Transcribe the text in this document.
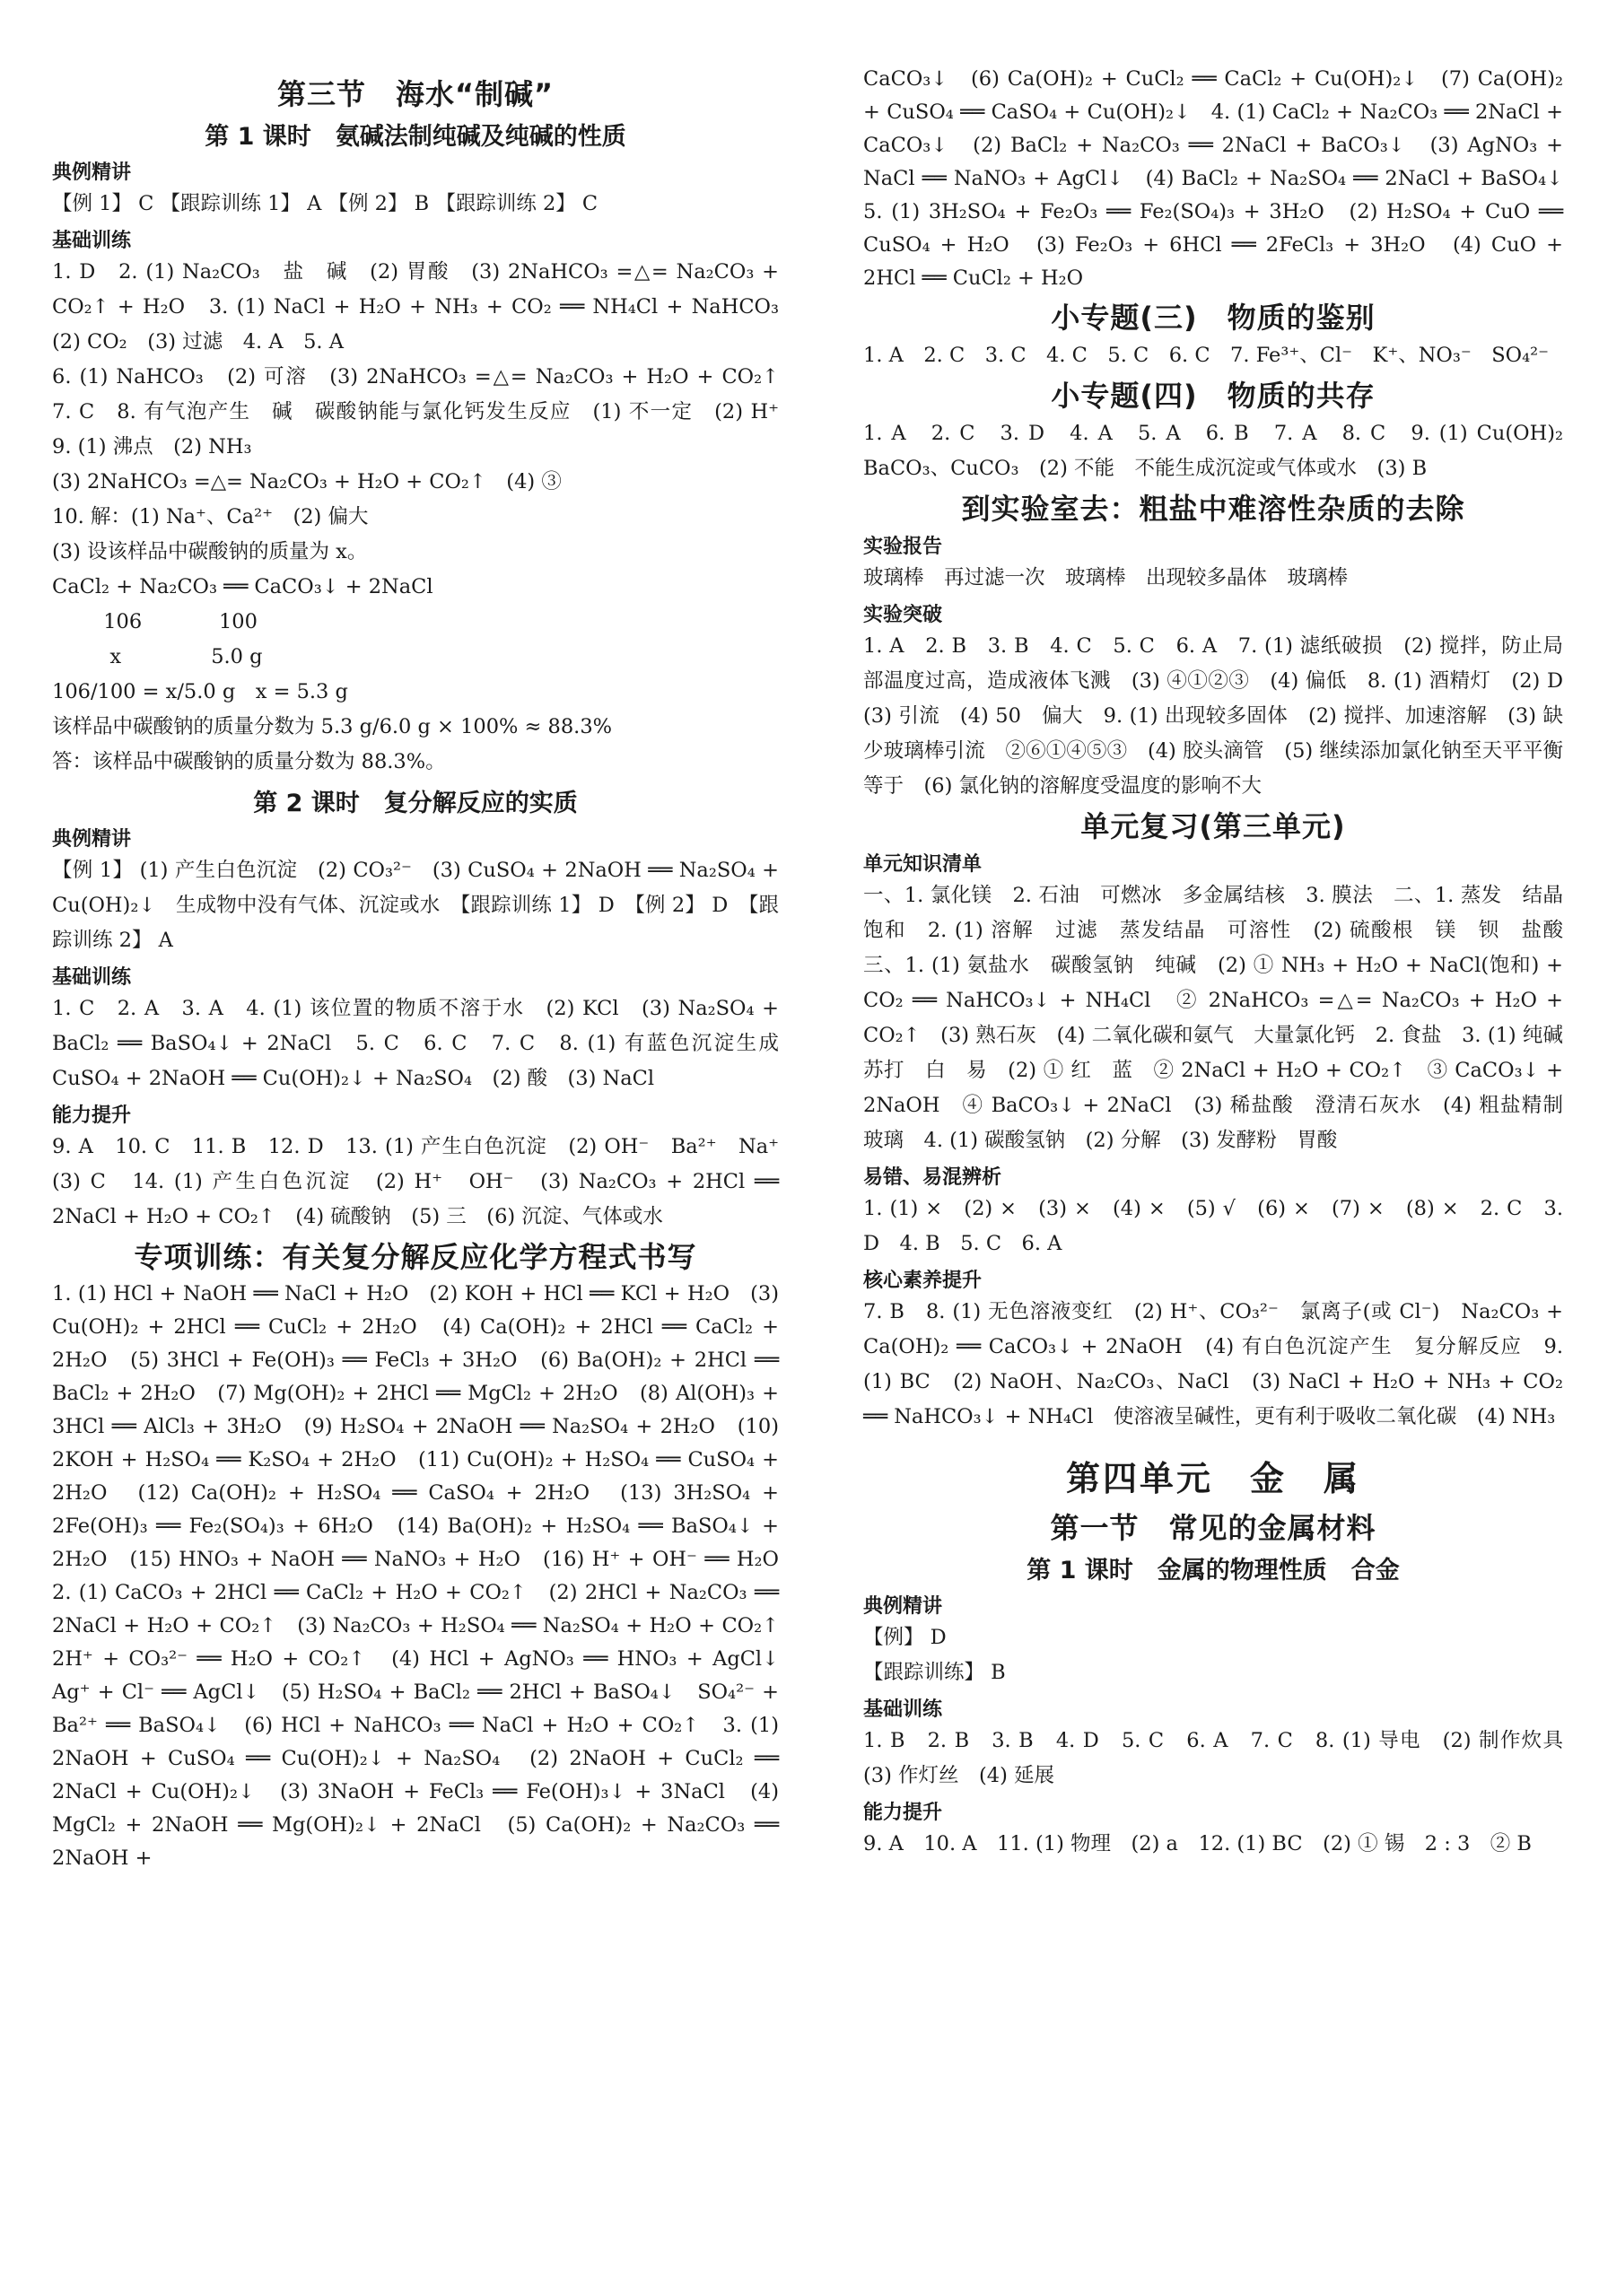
第三节　海水“制碱”
第 1 课时　氨碱法制纯碱及纯碱的性质
典例精讲

【例 1】 C 【跟踪训练 1】 A 【例 2】 B 【跟踪训练 2】 C

基础训练

1. D　2. (1) Na₂CO₃　盐　碱　(2) 胃酸　(3) 2NaHCO₃ =△= Na₂CO₃ + CO₂↑ + H₂O　3. (1) NaCl + H₂O + NH₃ + CO₂ ══ NH₄Cl + NaHCO₃　(2) CO₂　(3) 过滤　4. A　5. A

6. (1) NaHCO₃　(2) 可溶　(3) 2NaHCO₃ =△= Na₂CO₃ + H₂O + CO₂↑　7. C　8. 有气泡产生　碱　碳酸钠能与氯化钙发生反应　(1) 不一定　(2) H⁺　9. (1) 沸点　(2) NH₃

(3) 2NaHCO₃ =△= Na₂CO₃ + H₂O + CO₂↑　(4) ③

10. 解：(1) Na⁺、Ca²⁺　(2) 偏大

(3) 设该样品中碳酸钠的质量为 x。

CaCl₂ + Na₂CO₃ ══ CaCO₃↓ + 2NaCl

106            100

x              5.0 g

106/100 = x/5.0 g　x = 5.3 g

该样品中碳酸钠的质量分数为 5.3 g/6.0 g × 100% ≈ 88.3%

答：该样品中碳酸钠的质量分数为 88.3%。

第 2 课时　复分解反应的实质
典例精讲

【例 1】 (1) 产生白色沉淀　(2) CO₃²⁻　(3) CuSO₄ + 2NaOH ══ Na₂SO₄ + Cu(OH)₂↓　生成物中没有气体、沉淀或水　【跟踪训练 1】 D　【例 2】 D　【跟踪训练 2】 A

基础训练

1. C　2. A　3. A　4. (1) 该位置的物质不溶于水　(2) KCl　(3) Na₂SO₄ + BaCl₂ ══ BaSO₄↓ + 2NaCl　5. C　6. C　7. C　8. (1) 有蓝色沉淀生成　CuSO₄ + 2NaOH ══ Cu(OH)₂↓ + Na₂SO₄　(2) 酸　(3) NaCl

能力提升

9. A　10. C　11. B　12. D　13. (1) 产生白色沉淀　(2) OH⁻　Ba²⁺　Na⁺　(3) C　14. (1) 产生白色沉淀　(2) H⁺　OH⁻　(3) Na₂CO₃ + 2HCl ══ 2NaCl + H₂O + CO₂↑　(4) 硫酸钠　(5) 三　(6) 沉淀、气体或水

专项训练：有关复分解反应化学方程式书写

1. (1) HCl + NaOH ══ NaCl + H₂O　(2) KOH + HCl ══ KCl + H₂O　(3) Cu(OH)₂ + 2HCl ══ CuCl₂ + 2H₂O　(4) Ca(OH)₂ + 2HCl ══ CaCl₂ + 2H₂O　(5) 3HCl + Fe(OH)₃ ══ FeCl₃ + 3H₂O　(6) Ba(OH)₂ + 2HCl ══ BaCl₂ + 2H₂O　(7) Mg(OH)₂ + 2HCl ══ MgCl₂ + 2H₂O　(8) Al(OH)₃ + 3HCl ══ AlCl₃ + 3H₂O　(9) H₂SO₄ + 2NaOH ══ Na₂SO₄ + 2H₂O　(10) 2KOH + H₂SO₄ ══ K₂SO₄ + 2H₂O　(11) Cu(OH)₂ + H₂SO₄ ══ CuSO₄ + 2H₂O　(12) Ca(OH)₂ + H₂SO₄ ══ CaSO₄ + 2H₂O　(13) 3H₂SO₄ + 2Fe(OH)₃ ══ Fe₂(SO₄)₃ + 6H₂O　(14) Ba(OH)₂ + H₂SO₄ ══ BaSO₄↓ + 2H₂O　(15) HNO₃ + NaOH ══ NaNO₃ + H₂O　(16) H⁺ + OH⁻ ══ H₂O　2. (1) CaCO₃ + 2HCl ══ CaCl₂ + H₂O + CO₂↑　(2) 2HCl + Na₂CO₃ ══ 2NaCl + H₂O + CO₂↑　(3) Na₂CO₃ + H₂SO₄ ══ Na₂SO₄ + H₂O + CO₂↑　2H⁺ + CO₃²⁻ ══ H₂O + CO₂↑　(4) HCl + AgNO₃ ══ HNO₃ + AgCl↓　Ag⁺ + Cl⁻ ══ AgCl↓　(5) H₂SO₄ + BaCl₂ ══ 2HCl + BaSO₄↓　SO₄²⁻ + Ba²⁺ ══ BaSO₄↓　(6) HCl + NaHCO₃ ══ NaCl + H₂O + CO₂↑　3. (1) 2NaOH + CuSO₄ ══ Cu(OH)₂↓ + Na₂SO₄　(2) 2NaOH + CuCl₂ ══ 2NaCl + Cu(OH)₂↓　(3) 3NaOH + FeCl₃ ══ Fe(OH)₃↓ + 3NaCl　(4) MgCl₂ + 2NaOH ══ Mg(OH)₂↓ + 2NaCl　(5) Ca(OH)₂ + Na₂CO₃ ══ 2NaOH +

CaCO₃↓　(6) Ca(OH)₂ + CuCl₂ ══ CaCl₂ + Cu(OH)₂↓　(7) Ca(OH)₂ + CuSO₄ ══ CaSO₄ + Cu(OH)₂↓　4. (1) CaCl₂ + Na₂CO₃ ══ 2NaCl + CaCO₃↓　(2) BaCl₂ + Na₂CO₃ ══ 2NaCl + BaCO₃↓　(3) AgNO₃ + NaCl ══ NaNO₃ + AgCl↓　(4) BaCl₂ + Na₂SO₄ ══ 2NaCl + BaSO₄↓　5. (1) 3H₂SO₄ + Fe₂O₃ ══ Fe₂(SO₄)₃ + 3H₂O　(2) H₂SO₄ + CuO ══ CuSO₄ + H₂O　(3) Fe₂O₃ + 6HCl ══ 2FeCl₃ + 3H₂O　(4) CuO + 2HCl ══ CuCl₂ + H₂O

小专题(三)　物质的鉴别

1. A　2. C　3. C　4. C　5. C　6. C　7. Fe³⁺、Cl⁻　K⁺、NO₃⁻　SO₄²⁻

小专题(四)　物质的共存

1. A　2. C　3. D　4. A　5. A　6. B　7. A　8. C　9. (1) Cu(OH)₂　BaCO₃、CuCO₃　(2) 不能　不能生成沉淀或气体或水　(3) B

到实验室去：粗盐中难溶性杂质的去除
实验报告

玻璃棒　再过滤一次　玻璃棒　出现较多晶体　玻璃棒

实验突破

1. A　2. B　3. B　4. C　5. C　6. A　7. (1) 滤纸破损　(2) 搅拌，防止局部温度过高，造成液体飞溅　(3) ④①②③　(4) 偏低　8. (1) 酒精灯　(2) D　(3) 引流　(4) 50　偏大　9. (1) 出现较多固体　(2) 搅拌、加速溶解　(3) 缺少玻璃棒引流　②⑥①④⑤③　(4) 胶头滴管　(5) 继续添加氯化钠至天平平衡　等于　(6) 氯化钠的溶解度受温度的影响不大

单元复习(第三单元)
单元知识清单

一、1. 氯化镁　2. 石油　可燃冰　多金属结核　3. 膜法　二、1. 蒸发　结晶　饱和　2. (1) 溶解　过滤　蒸发结晶　可溶性　(2) 硫酸根　镁　钡　盐酸　三、1. (1) 氨盐水　碳酸氢钠　纯碱　(2) ① NH₃ + H₂O + NaCl(饱和) + CO₂ ══ NaHCO₃↓ + NH₄Cl　② 2NaHCO₃ =△= Na₂CO₃ + H₂O + CO₂↑　(3) 熟石灰　(4) 二氧化碳和氨气　大量氯化钙　2. 食盐　3. (1) 纯碱　苏打　白　易　(2) ① 红　蓝　② 2NaCl + H₂O + CO₂↑　③ CaCO₃↓ + 2NaOH　④ BaCO₃↓ + 2NaCl　(3) 稀盐酸　澄清石灰水　(4) 粗盐精制　玻璃　4. (1) 碳酸氢钠　(2) 分解　(3) 发酵粉　胃酸

易错、易混辨析

1. (1) ×　(2) ×　(3) ×　(4) ×　(5) √　(6) ×　(7) ×　(8) ×　2. C　3. D　4. B　5. C　6. A

核心素养提升

7. B　8. (1) 无色溶液变红　(2) H⁺、CO₃²⁻　氯离子(或 Cl⁻)　Na₂CO₃ + Ca(OH)₂ ══ CaCO₃↓ + 2NaOH　(4) 有白色沉淀产生　复分解反应　9. (1) BC　(2) NaOH、Na₂CO₃、NaCl　(3) NaCl + H₂O + NH₃ + CO₂ ══ NaHCO₃↓ + NH₄Cl　使溶液呈碱性，更有利于吸收二氧化碳　(4) NH₃

第四单元　金　属
第一节　常见的金属材料
第 1 课时　金属的物理性质　合金
典例精讲

【例】 D

【跟踪训练】 B

基础训练

1. B　2. B　3. B　4. D　5. C　6. A　7. C　8. (1) 导电　(2) 制作炊具　(3) 作灯丝　(4) 延展

能力提升

9. A　10. A　11. (1) 物理　(2) a　12. (1) BC　(2) ① 锡　2 : 3　② B
